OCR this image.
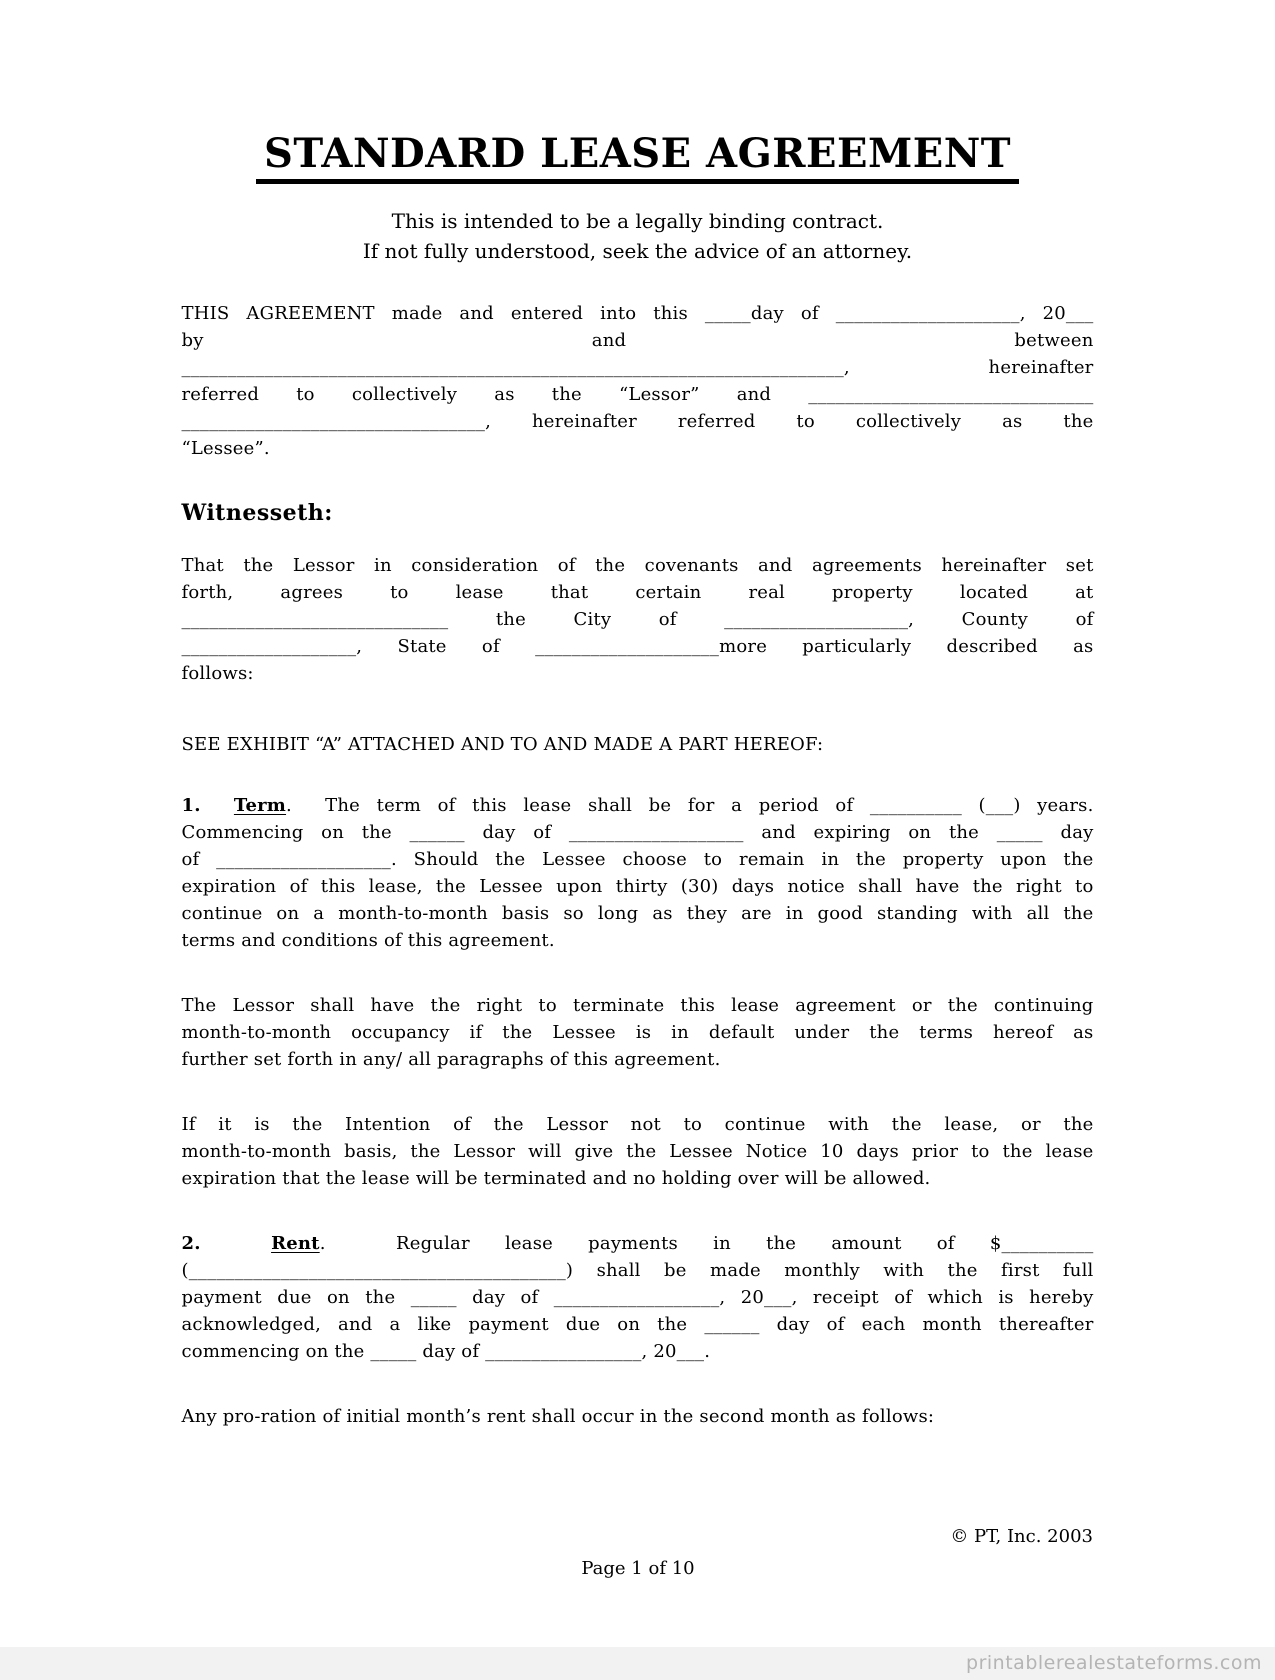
STANDARD LEASE AGREEMENT
This is intended to be a legally binding contract.
If not fully understood, seek the advice of an attorney.
THIS AGREEMENT made and entered into this _____day of ____________________, 20___
by and between
________________________________________________________________________, hereinafter
referred to collectively as the “Lessor” and _______________________________
_________________________________, hereinafter referred to collectively as the
“Lessee”.
Witnesseth:
That the Lessor in consideration of the covenants and agreements hereinafter set
forth, agrees to lease that certain real property located at
_____________________________ the City of ____________________, County of
___________________, State of ____________________more particularly described as
follows:
SEE EXHIBIT “A” ATTACHED AND TO AND MADE A PART HEREOF:
1. Term.  The term of this lease shall be for a period of __________ (___) years.
Commencing on the ______ day of ___________________ and expiring on the _____ day
of ___________________. Should the Lessee choose to remain in the property upon the
expiration of this lease, the Lessee upon thirty (30) days notice shall have the right to
continue on a month-to-month basis so long as they are in good standing with all the
terms and conditions of this agreement.
The Lessor shall have the right to terminate this lease agreement or the continuing
month-to-month occupancy if the Lessee is in default under the terms hereof as
further set forth in any/ all paragraphs of this agreement.
If it is the Intention of the Lessor not to continue with the lease, or the
month-to-month basis, the Lessor will give the Lessee Notice 10 days prior to the lease
expiration that the lease will be terminated and no holding over will be allowed.
2.	Rent.  Regular lease payments in the amount of $__________
(_________________________________________) shall be made monthly with the first full
payment due on the _____ day of __________________, 20___, receipt of which is hereby
acknowledged, and a like payment due on the ______ day of each month thereafter
commencing on the _____ day of _________________, 20___.
Any pro-ration of initial month’s rent shall occur in the second month as follows:
© PT, Inc. 2003
Page 1 of 10
printablerealestateforms.com
